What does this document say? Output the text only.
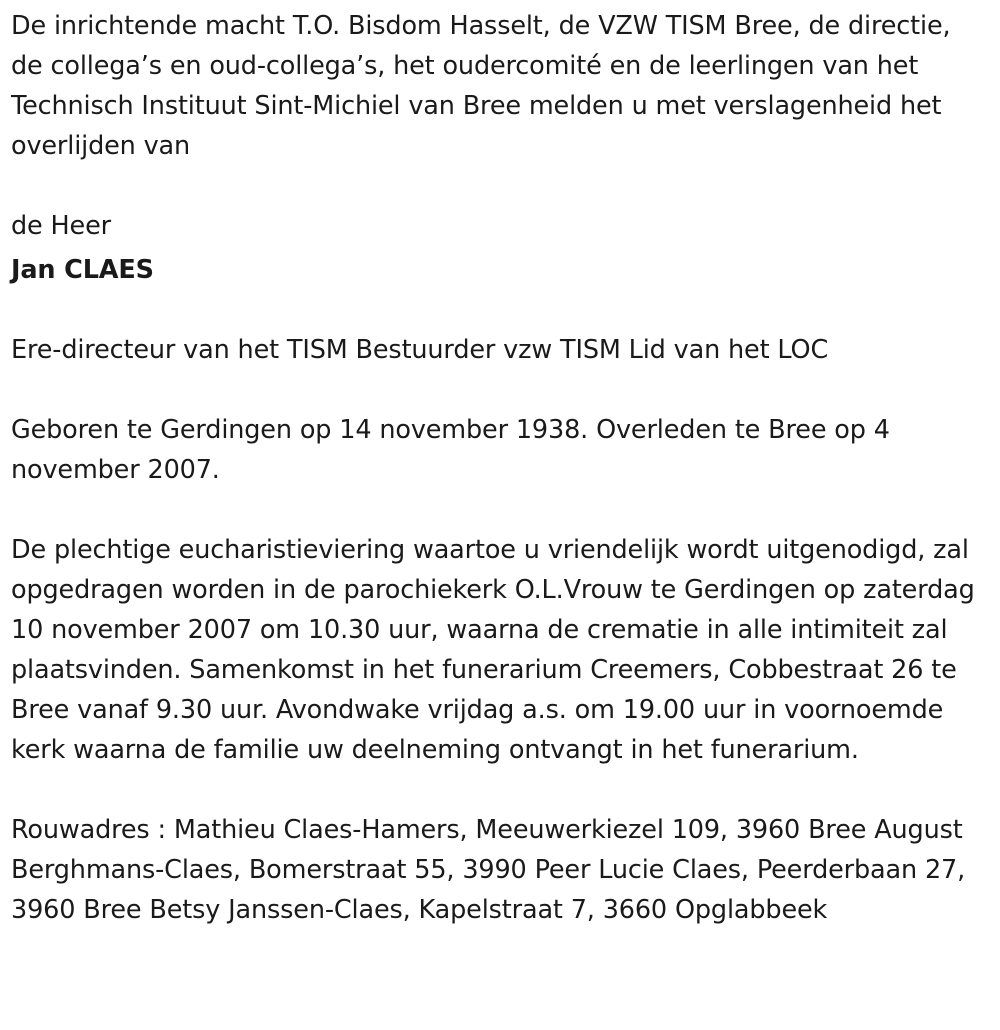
De inrichtende macht T.O. Bisdom Hasselt, de VZW TISM Bree, de directie, de collega’s en oud-collega’s, het oudercomité en de leerlingen van het Technisch Instituut Sint-Michiel van Bree melden u met verslagenheid het overlijden van

de Heer

Jan CLAES

Ere-directeur van het TISM Bestuurder vzw TISM Lid van het LOC

Geboren te Gerdingen op 14 november 1938. Overleden te Bree op 4 november 2007.

De plechtige eucharistieviering waartoe u vriendelijk wordt uitgenodigd, zal opgedragen worden in de parochiekerk O.L.Vrouw te Gerdingen op zaterdag 10 november 2007 om 10.30 uur, waarna de crematie in alle intimiteit zal plaatsvinden. Samenkomst in het funerarium Creemers, Cobbestraat 26 te Bree vanaf 9.30 uur. Avondwake vrijdag a.s. om 19.00 uur in voornoemde kerk waarna de familie uw deelneming ontvangt in het funerarium.

Rouwadres : Mathieu Claes-Hamers, Meeuwerkiezel 109, 3960 Bree August Berghmans-Claes, Bomerstraat 55, 3990 Peer Lucie Claes, Peerderbaan 27, 3960 Bree Betsy Janssen-Claes, Kapelstraat 7, 3660 Opglabbeek
